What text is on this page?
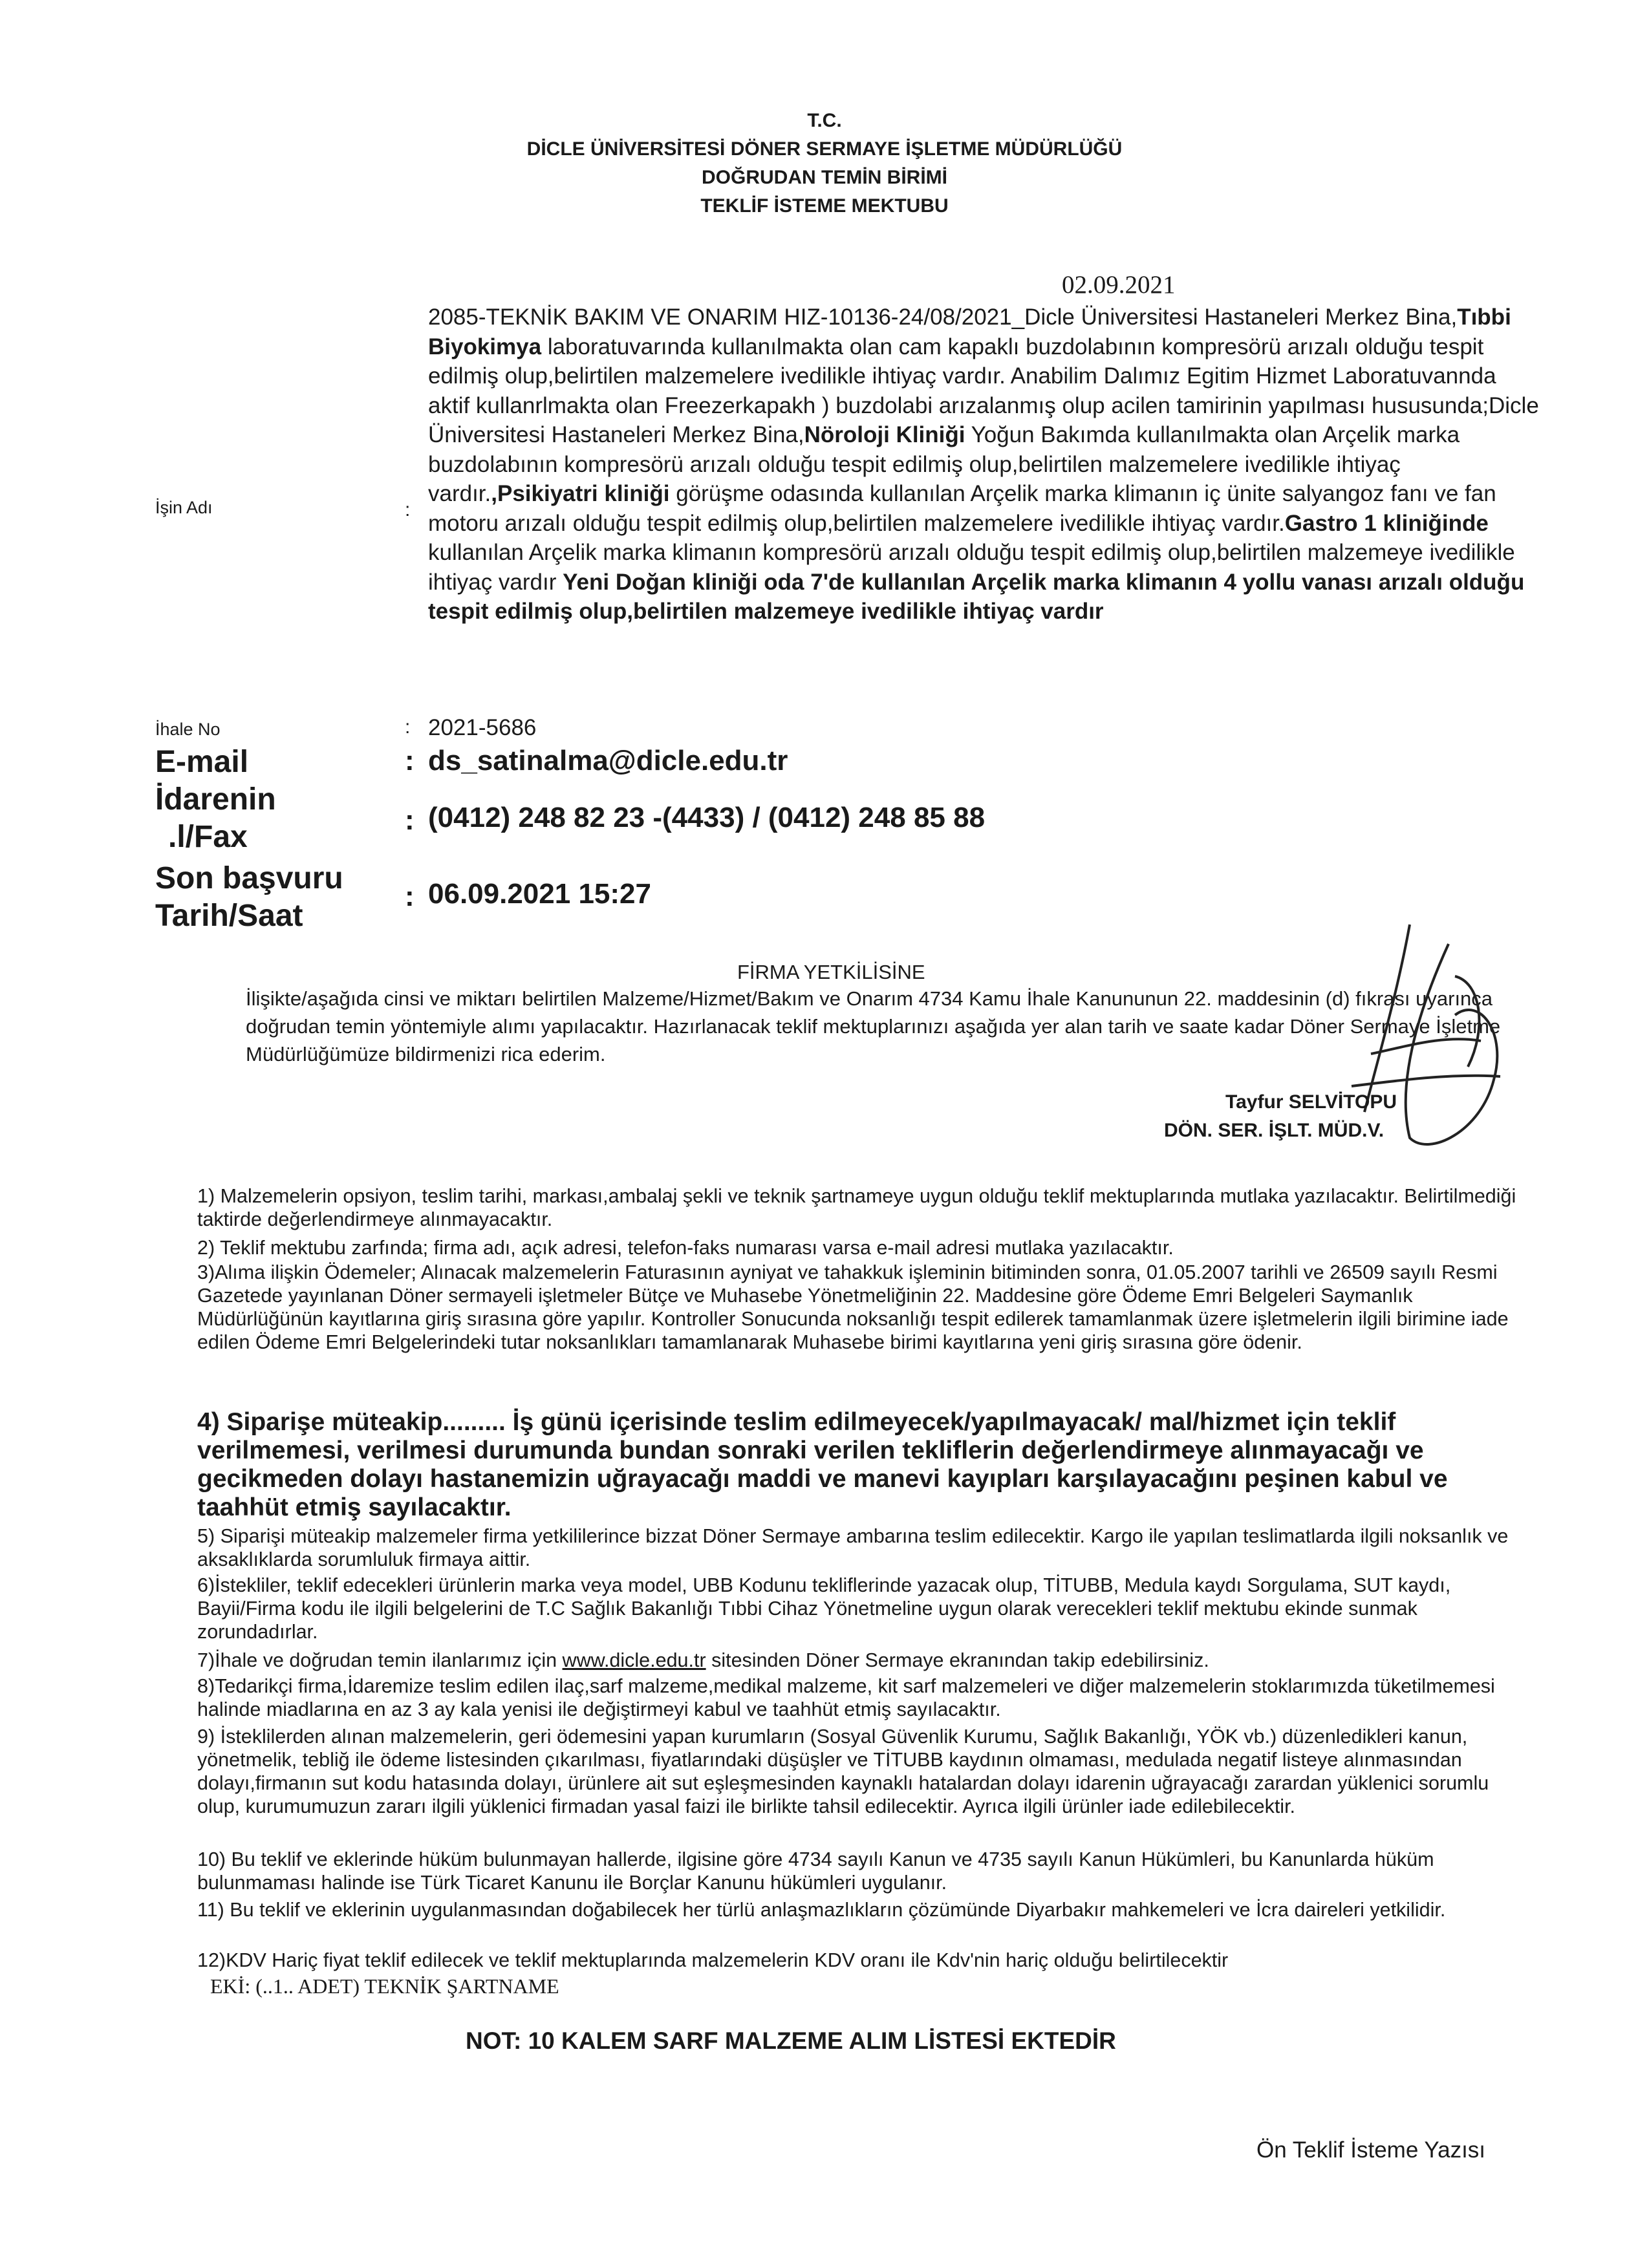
T.C.
DİCLE ÜNİVERSİTESİ DÖNER SERMAYE İŞLETME MÜDÜRLÜĞÜ
DOĞRUDAN TEMİN BİRİMİ
TEKLİF İSTEME MEKTUBU
02.09.2021
İşin Adı	:
2085-TEKNİK BAKIM VE ONARIM HIZ-10136-24/08/2021_Dicle Üniversitesi Hastaneleri Merkez Bina,Tıbbi Biyokimya laboratuvarında kullanılmakta olan cam kapaklı buzdolabının kompresörü arızalı olduğu tespit edilmiş olup,belirtilen malzemelere ivedilikle ihtiyaç vardır. Anabilim Dalımız Egitim Hizmet Laboratuvannda aktif kullanrlmakta olan Freezerkapakh ) buzdolabi arızalanmış olup acilen tamirinin yapılması hususunda;Dicle Üniversitesi Hastaneleri Merkez Bina,Nöroloji Kliniği Yoğun Bakımda kullanılmakta olan Arçelik marka buzdolabının kompresörü arızalı olduğu tespit edilmiş olup,belirtilen malzemelere ivedilikle ihtiyaç vardır.,Psikiyatri kliniği görüşme odasında kullanılan Arçelik marka klimanın iç ünite salyangoz fanı ve fan motoru arızalı olduğu tespit edilmiş olup,belirtilen malzemelere ivedilikle ihtiyaç vardır.Gastro 1 kliniğinde kullanılan Arçelik marka klimanın kompresörü arızalı olduğu tespit edilmiş olup,belirtilen malzemeye ivedilikle ihtiyaç vardır Yeni Doğan kliniği oda 7'de kullanılan Arçelik marka klimanın 4 yollu vanası arızalı olduğu tespit edilmiş olup,belirtilen malzemeye ivedilikle ihtiyaç vardır
İhale No	: 2021-5686
E-mail	: ds_satinalma@dicle.edu.tr
İdarenin
.l/Fax	: (0412) 248 82 23 -(4433) / (0412) 248 85 88
Son başvuru
Tarih/Saat
: 06.09.2021 15:27
FİRMA YETKİLİSİNE
İlişikte/aşağıda cinsi ve miktarı belirtilen Malzeme/Hizmet/Bakım ve Onarım 4734 Kamu İhale Kanununun 22. maddesinin (d) fıkrası uyarınca doğrudan temin yöntemiyle alımı yapılacaktır. Hazırlanacak teklif mektuplarınızı aşağıda yer alan tarih ve saate kadar Döner Sermaye İşletme Müdürlüğümüze bildirmenizi rica ederim.
Tayfur SELVİTOPU
DÖN. SER. İŞLT. MÜD.V.
1) Malzemelerin opsiyon, teslim tarihi, markası,ambalaj şekli ve teknik şartnameye uygun olduğu teklif mektuplarında mutlaka yazılacaktır. Belirtilmediği taktirde değerlendirmeye alınmayacaktır.
2) Teklif mektubu zarfında; firma adı, açık adresi, telefon-faks numarası varsa e-mail adresi mutlaka yazılacaktır.
3)Alıma ilişkin Ödemeler; Alınacak malzemelerin Faturasının ayniyat ve tahakkuk işleminin bitiminden sonra, 01.05.2007 tarihli ve 26509 sayılı Resmi Gazetede yayınlanan Döner sermayeli işletmeler Bütçe ve Muhasebe Yönetmeliğinin 22. Maddesine göre Ödeme Emri Belgeleri Saymanlık Müdürlüğünün kayıtlarına giriş sırasına göre yapılır. Kontroller Sonucunda noksanlığı tespit edilerek tamamlanmak üzere işletmelerin ilgili birimine iade edilen Ödeme Emri Belgelerindeki tutar noksanlıkları tamamlanarak Muhasebe birimi kayıtlarına yeni giriş sırasına göre ödenir.
4) Siparişe müteakip......... İş günü içerisinde teslim edilmeyecek/yapılmayacak/ mal/hizmet için teklif verilmemesi, verilmesi durumunda bundan sonraki verilen tekliflerin değerlendirmeye alınmayacağı ve gecikmeden dolayı hastanemizin uğrayacağı maddi ve manevi kayıpları karşılayacağını peşinen kabul ve taahhüt etmiş sayılacaktır.
5) Siparişi müteakip malzemeler firma yetkililerince bizzat Döner Sermaye ambarına teslim edilecektir. Kargo ile yapılan teslimatlarda ilgili noksanlık ve aksaklıklarda sorumluluk firmaya aittir.
6)İstekliler, teklif edecekleri ürünlerin marka veya model, UBB Kodunu tekliflerinde yazacak olup, TİTUBB, Medula kaydı Sorgulama, SUT kaydı, Bayii/Firma kodu ile ilgili belgelerini de T.C Sağlık Bakanlığı Tıbbi Cihaz Yönetmeline uygun olarak verecekleri teklif mektubu ekinde sunmak zorundadırlar.
7)İhale ve doğrudan temin ilanlarımız için www.dicle.edu.tr sitesinden Döner Sermaye ekranından takip edebilirsiniz.
8)Tedarikçi firma,İdaremize teslim edilen ilaç,sarf malzeme,medikal malzeme, kit sarf malzemeleri ve diğer malzemelerin stoklarımızda tüketilmemesi halinde miadlarına en az 3 ay kala yenisi ile değiştirmeyi kabul ve taahhüt etmiş sayılacaktır.
9) İsteklilerden alınan malzemelerin, geri ödemesini yapan kurumların (Sosyal Güvenlik Kurumu, Sağlık Bakanlığı, YÖK vb.) düzenledikleri kanun, yönetmelik, tebliğ ile ödeme listesinden çıkarılması, fiyatlarındaki düşüşler ve TİTUBB kaydının olmaması, medulada negatif listeye alınmasından dolayı,firmanın sut kodu hatasında dolayı, ürünlere ait sut eşleşmesinden kaynaklı hatalardan dolayı idarenin uğrayacağı zarardan yüklenici sorumlu olup, kurumumuzun zararı ilgili yüklenici firmadan yasal faizi ile birlikte tahsil edilecektir. Ayrıca ilgili ürünler iade edilebilecektir.
10) Bu teklif ve eklerinde hüküm bulunmayan hallerde, ilgisine göre 4734 sayılı Kanun ve 4735 sayılı Kanun Hükümleri, bu Kanunlarda hüküm bulunmaması halinde ise Türk Ticaret Kanunu ile Borçlar Kanunu hükümleri uygulanır.
11) Bu teklif ve eklerinin uygulanmasından doğabilecek her türlü anlaşmazlıkların çözümünde Diyarbakır mahkemeleri ve İcra daireleri yetkilidir.
12)KDV Hariç fiyat teklif edilecek ve teklif mektuplarında malzemelerin KDV oranı ile Kdv'nin hariç olduğu belirtilecektir
EKİ: (..1.. ADET) TEKNİK ŞARTNAME
NOT: 10 KALEM SARF MALZEME ALIM LİSTESİ EKTEDİR
Ön Teklif İsteme Yazısı
